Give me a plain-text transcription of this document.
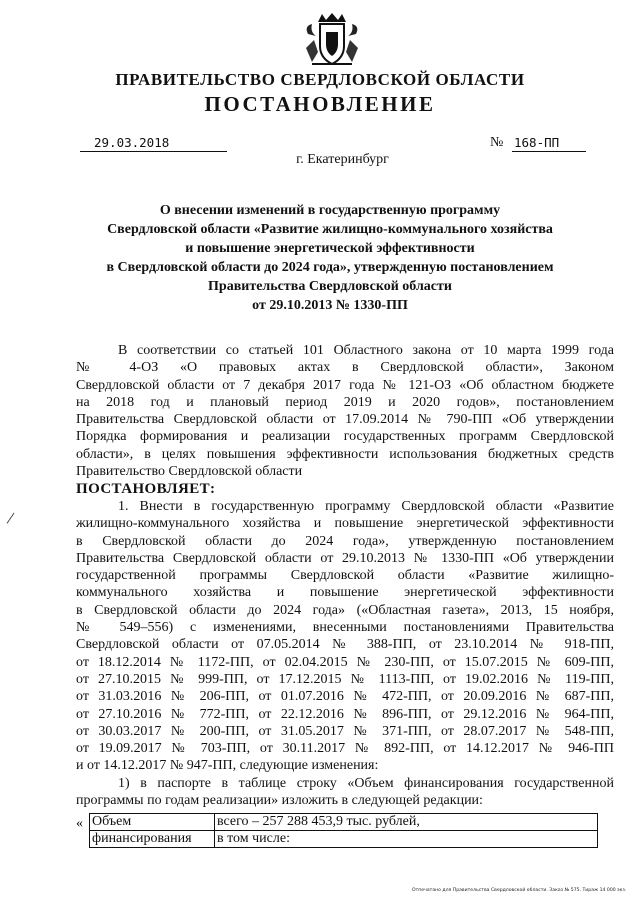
ПРАВИТЕЛЬСТВО СВЕРДЛОВСКОЙ ОБЛАСТИ
ПОСТАНОВЛЕНИЕ
29.03.2018	№ 168-ПП
г. Екатеринбург
О внесении изменений в государственную программу
Свердловской области «Развитие жилищно-коммунального хозяйства
и повышение энергетической эффективности
в Свердловской области до 2024 года», утвержденную постановлением
Правительства Свердловской области
от 29.10.2013 № 1330-ПП
В соответствии со статьей 101 Областного закона от 10 марта 1999 года
№ 4-ОЗ «О правовых актах в Свердловской области», Законом
Свердловской области от 7 декабря 2017 года № 121-ОЗ «Об областном бюджете
на 2018 год и плановый период 2019 и 2020 годов», постановлением
Правительства Свердловской области от 17.09.2014 № 790-ПП «Об утверждении
Порядка формирования и реализации государственных программ Свердловской
области», в целях повышения эффективности использования бюджетных средств
Правительство Свердловской области
ПОСТАНОВЛЯЕТ:
/
1. Внести в государственную программу Свердловской области «Развитие
жилищно-коммунального хозяйства и повышение энергетической эффективности
в Свердловской области до 2024 года», утвержденную постановлением
Правительства Свердловской области от 29.10.2013 № 1330-ПП «Об утверждении
государственной программы Свердловской области «Развитие жилищно-
коммунального хозяйства и повышение энергетической эффективности
в Свердловской области до 2024 года» («Областная газета», 2013, 15 ноября,
№ 549–556) с изменениями, внесенными постановлениями Правительства
Свердловской области от 07.05.2014 № 388-ПП, от 23.10.2014 № 918-ПП,
от 18.12.2014 № 1172-ПП, от 02.04.2015 № 230-ПП, от 15.07.2015 № 609-ПП,
от 27.10.2015 № 999-ПП, от 17.12.2015 № 1113-ПП, от 19.02.2016 № 119-ПП,
от 31.03.2016 № 206-ПП, от 01.07.2016 № 472-ПП, от 20.09.2016 № 687-ПП,
от 27.10.2016 № 772-ПП, от 22.12.2016 № 896-ПП, от 29.12.2016 № 964-ПП,
от 30.03.2017 № 200-ПП, от 31.05.2017 № 371-ПП, от 28.07.2017 № 548-ПП,
от 19.09.2017 № 703-ПП, от 30.11.2017 № 892-ПП, от 14.12.2017 № 946-ПП
и от 14.12.2017 № 947-ПП, следующие изменения:
1) в паспорте в таблице строку «Объем финансирования государственной
программы по годам реализации» изложить в следующей редакции:
« Объем	всего – 257 288 453,9 тыс. рублей,
финансирования	в том числе:
Отпечатано для Правительства Свердловской области. Заказ № 575. Тираж 14 000 экз.
